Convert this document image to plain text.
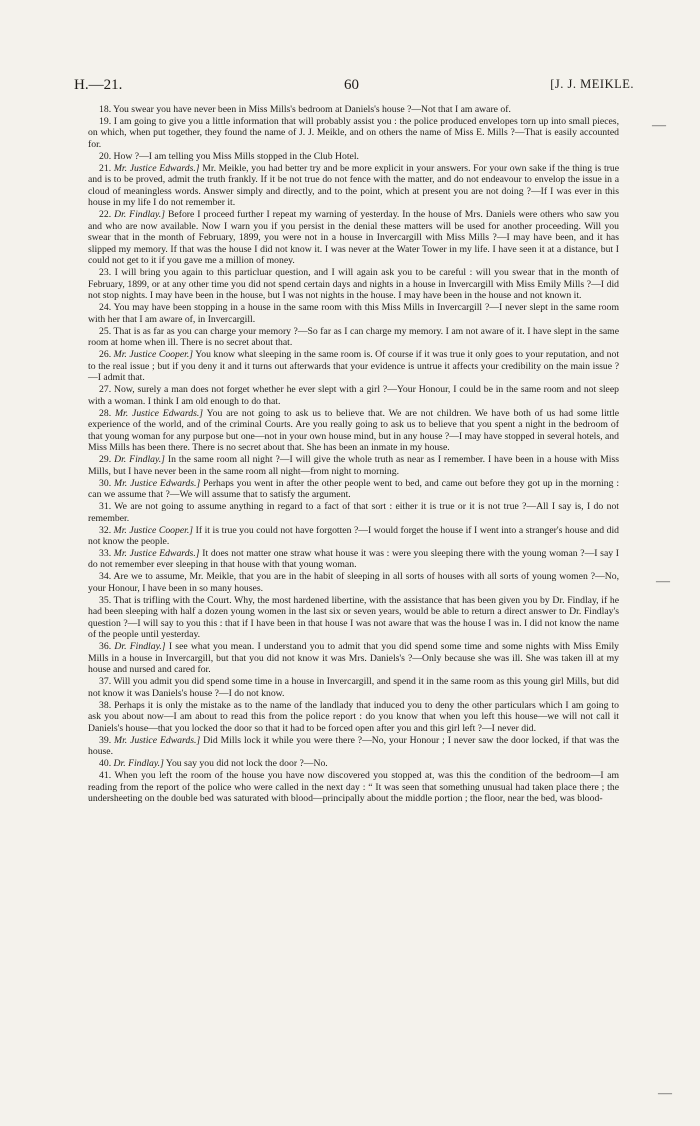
H.—21.	60	[J. J. MEIKLE.

18. You swear you have never been in Miss Mills's bedroom at Daniels's house ?—Not that I am aware of.

19. I am going to give you a little information that will probably assist you : the police produced envelopes torn up into small pieces, on which, when put together, they found the name of J. J. Meikle, and on others the name of Miss E. Mills ?—That is easily accounted for.

20. How ?—I am telling you Miss Mills stopped in the Club Hotel.

21. Mr. Justice Edwards.] Mr. Meikle, you had better try and be more explicit in your answers. For your own sake if the thing is true and is to be proved, admit the truth frankly. If it be not true do not fence with the matter, and do not endeavour to envelop the issue in a cloud of meaningless words. Answer simply and directly, and to the point, which at present you are not doing ?—If I was ever in this house in my life I do not remember it.

22. Dr. Findlay.] Before I proceed further I repeat my warning of yesterday. In the house of Mrs. Daniels were others who saw you and who are now available. Now I warn you if you persist in the denial these matters will be used for another proceeding. Will you swear that in the month of February, 1899, you were not in a house in Invercargill with Miss Mills ?—I may have been, and it has slipped my memory. If that was the house I did not know it. I was never at the Water Tower in my life. I have seen it at a distance, but I could not get to it if you gave me a million of money.

23. I will bring you again to this particluar question, and I will again ask you to be careful : will you swear that in the month of February, 1899, or at any other time you did not spend certain days and nights in a house in Invercargill with Miss Emily Mills ?—I did not stop nights. I may have been in the house, but I was not nights in the house. I may have been in the house and not known it.

24. You may have been stopping in a house in the same room with this Miss Mills in Invercargill ?—I never slept in the same room with her that I am aware of, in Invercargill.

25. That is as far as you can charge your memory ?—So far as I can charge my memory. I am not aware of it. I have slept in the same room at home when ill. There is no secret about that.

26. Mr. Justice Cooper.] You know what sleeping in the same room is. Of course if it was true it only goes to your reputation, and not to the real issue ; but if you deny it and it turns out afterwards that your evidence is untrue it affects your credibility on the main issue ?—I admit that.

27. Now, surely a man does not forget whether he ever slept with a girl ?—Your Honour, I could be in the same room and not sleep with a woman. I think I am old enough to do that.

28. Mr. Justice Edwards.] You are not going to ask us to believe that. We are not children. We have both of us had some little experience of the world, and of the criminal Courts. Are you really going to ask us to believe that you spent a night in the bedroom of that young woman for any purpose but one—not in your own house mind, but in any house ?—I may have stopped in several hotels, and Miss Mills has been there. There is no secret about that. She has been an inmate in my house.

29. Dr. Findlay.] In the same room all night ?—I will give the whole truth as near as I remember. I have been in a house with Miss Mills, but I have never been in the same room all night—from night to morning.

30. Mr. Justice Edwards.] Perhaps you went in after the other people went to bed, and came out before they got up in the morning : can we assume that ?—We will assume that to satisfy the argument.

31. We are not going to assume anything in regard to a fact of that sort : either it is true or it is not true ?—All I say is, I do not remember.

32. Mr. Justice Cooper.] If it is true you could not have forgotten ?—I would forget the house if I went into a stranger's house and did not know the people.

33. Mr. Justice Edwards.] It does not matter one straw what house it was : were you sleeping there with the young woman ?—I say I do not remember ever sleeping in that house with that young woman.

34. Are we to assume, Mr. Meikle, that you are in the habit of sleeping in all sorts of houses with all sorts of young women ?—No, your Honour, I have been in so many houses.

35. That is trifling with the Court. Why, the most hardened libertine, with the assistance that has been given you by Dr. Findlay, if he had been sleeping with half a dozen young women in the last six or seven years, would be able to return a direct answer to Dr. Findlay's question ?—I will say to you this : that if I have been in that house I was not aware that was the house I was in. I did not know the name of the people until yesterday.

36. Dr. Findlay.] I see what you mean. I understand you to admit that you did spend some time and some nights with Miss Emily Mills in a house in Invercargill, but that you did not know it was Mrs. Daniels's ?—Only because she was ill. She was taken ill at my house and nursed and cared for.

37. Will you admit you did spend some time in a house in Invercargill, and spend it in the same room as this young girl Mills, but did not know it was Daniels's house ?—I do not know.

38. Perhaps it is only the mistake as to the name of the landlady that induced you to deny the other particulars which I am going to ask you about now—I am about to read this from the police report : do you know that when you left this house—we will not call it Daniels's house—that you locked the door so that it had to be forced open after you and this girl left ?—I never did.

39. Mr. Justice Edwards.] Did Mills lock it while you were there ?—No, your Honour ; I never saw the door locked, if that was the house.

40. Dr. Findlay.] You say you did not lock the door ?—No.

41. When you left the room of the house you have now discovered you stopped at, was this the condition of the bedroom—I am reading from the report of the police who were called in the next day : “ It was seen that something unusual had taken place there ; the undersheeting on the double bed was saturated with blood—principally about the middle portion ; the floor, near the bed, was blood-

—
—
—
